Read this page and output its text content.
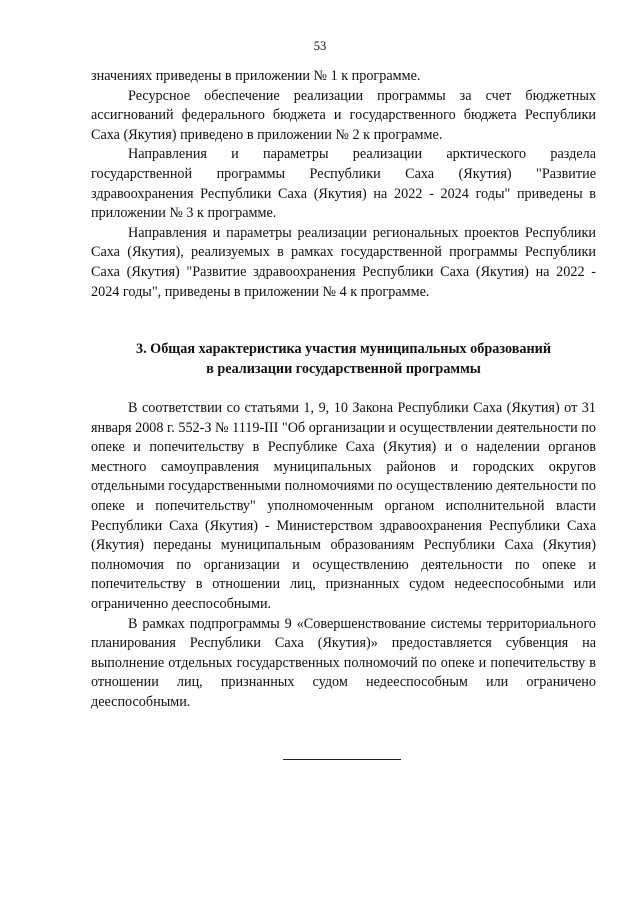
53

значениях приведены в приложении № 1 к программе.

Ресурсное обеспечение реализации программы за счет бюджетных ассигнований федерального бюджета и государственного бюджета Республики Саха (Якутия) приведено в приложении № 2 к программе.

Направления и параметры реализации арктического раздела государственной программы Республики Саха (Якутия) "Развитие здравоохранения Республики Саха (Якутия) на 2022 - 2024 годы" приведены в приложении № 3 к программе.

Направления и параметры реализации региональных проектов Республики Саха (Якутия), реализуемых в рамках государственной программы Республики Саха (Якутия) "Развитие здравоохранения Республики Саха (Якутия) на 2022 - 2024 годы", приведены в приложении № 4 к программе.

3. Общая характеристика участия муниципальных образований
в реализации государственной программы

В соответствии со статьями 1, 9, 10 Закона Республики Саха (Якутия) от 31 января 2008 г. 552-З № 1119-III "Об организации и осуществлении деятельности по опеке и попечительству в Республике Саха (Якутия) и о наделении органов местного самоуправления муниципальных районов и городских округов отдельными государственными полномочиями по осуществлению деятельности по опеке и попечительству" уполномоченным органом исполнительной власти Республики Саха (Якутия) - Министерством здравоохранения Республики Саха (Якутия) переданы муниципальным образованиям Республики Саха (Якутия) полномочия по организации и осуществлению деятельности по опеке и попечительству в отношении лиц, признанных судом недееспособными или ограниченно дееспособными.

В рамках подпрограммы 9 «Совершенствование системы территориального планирования Республики Саха (Якутия)» предоставляется субвенция на выполнение отдельных государственных полномочий по опеке и попечительству в отношении лиц, признанных судом недееспособным или ограничено дееспособными.
